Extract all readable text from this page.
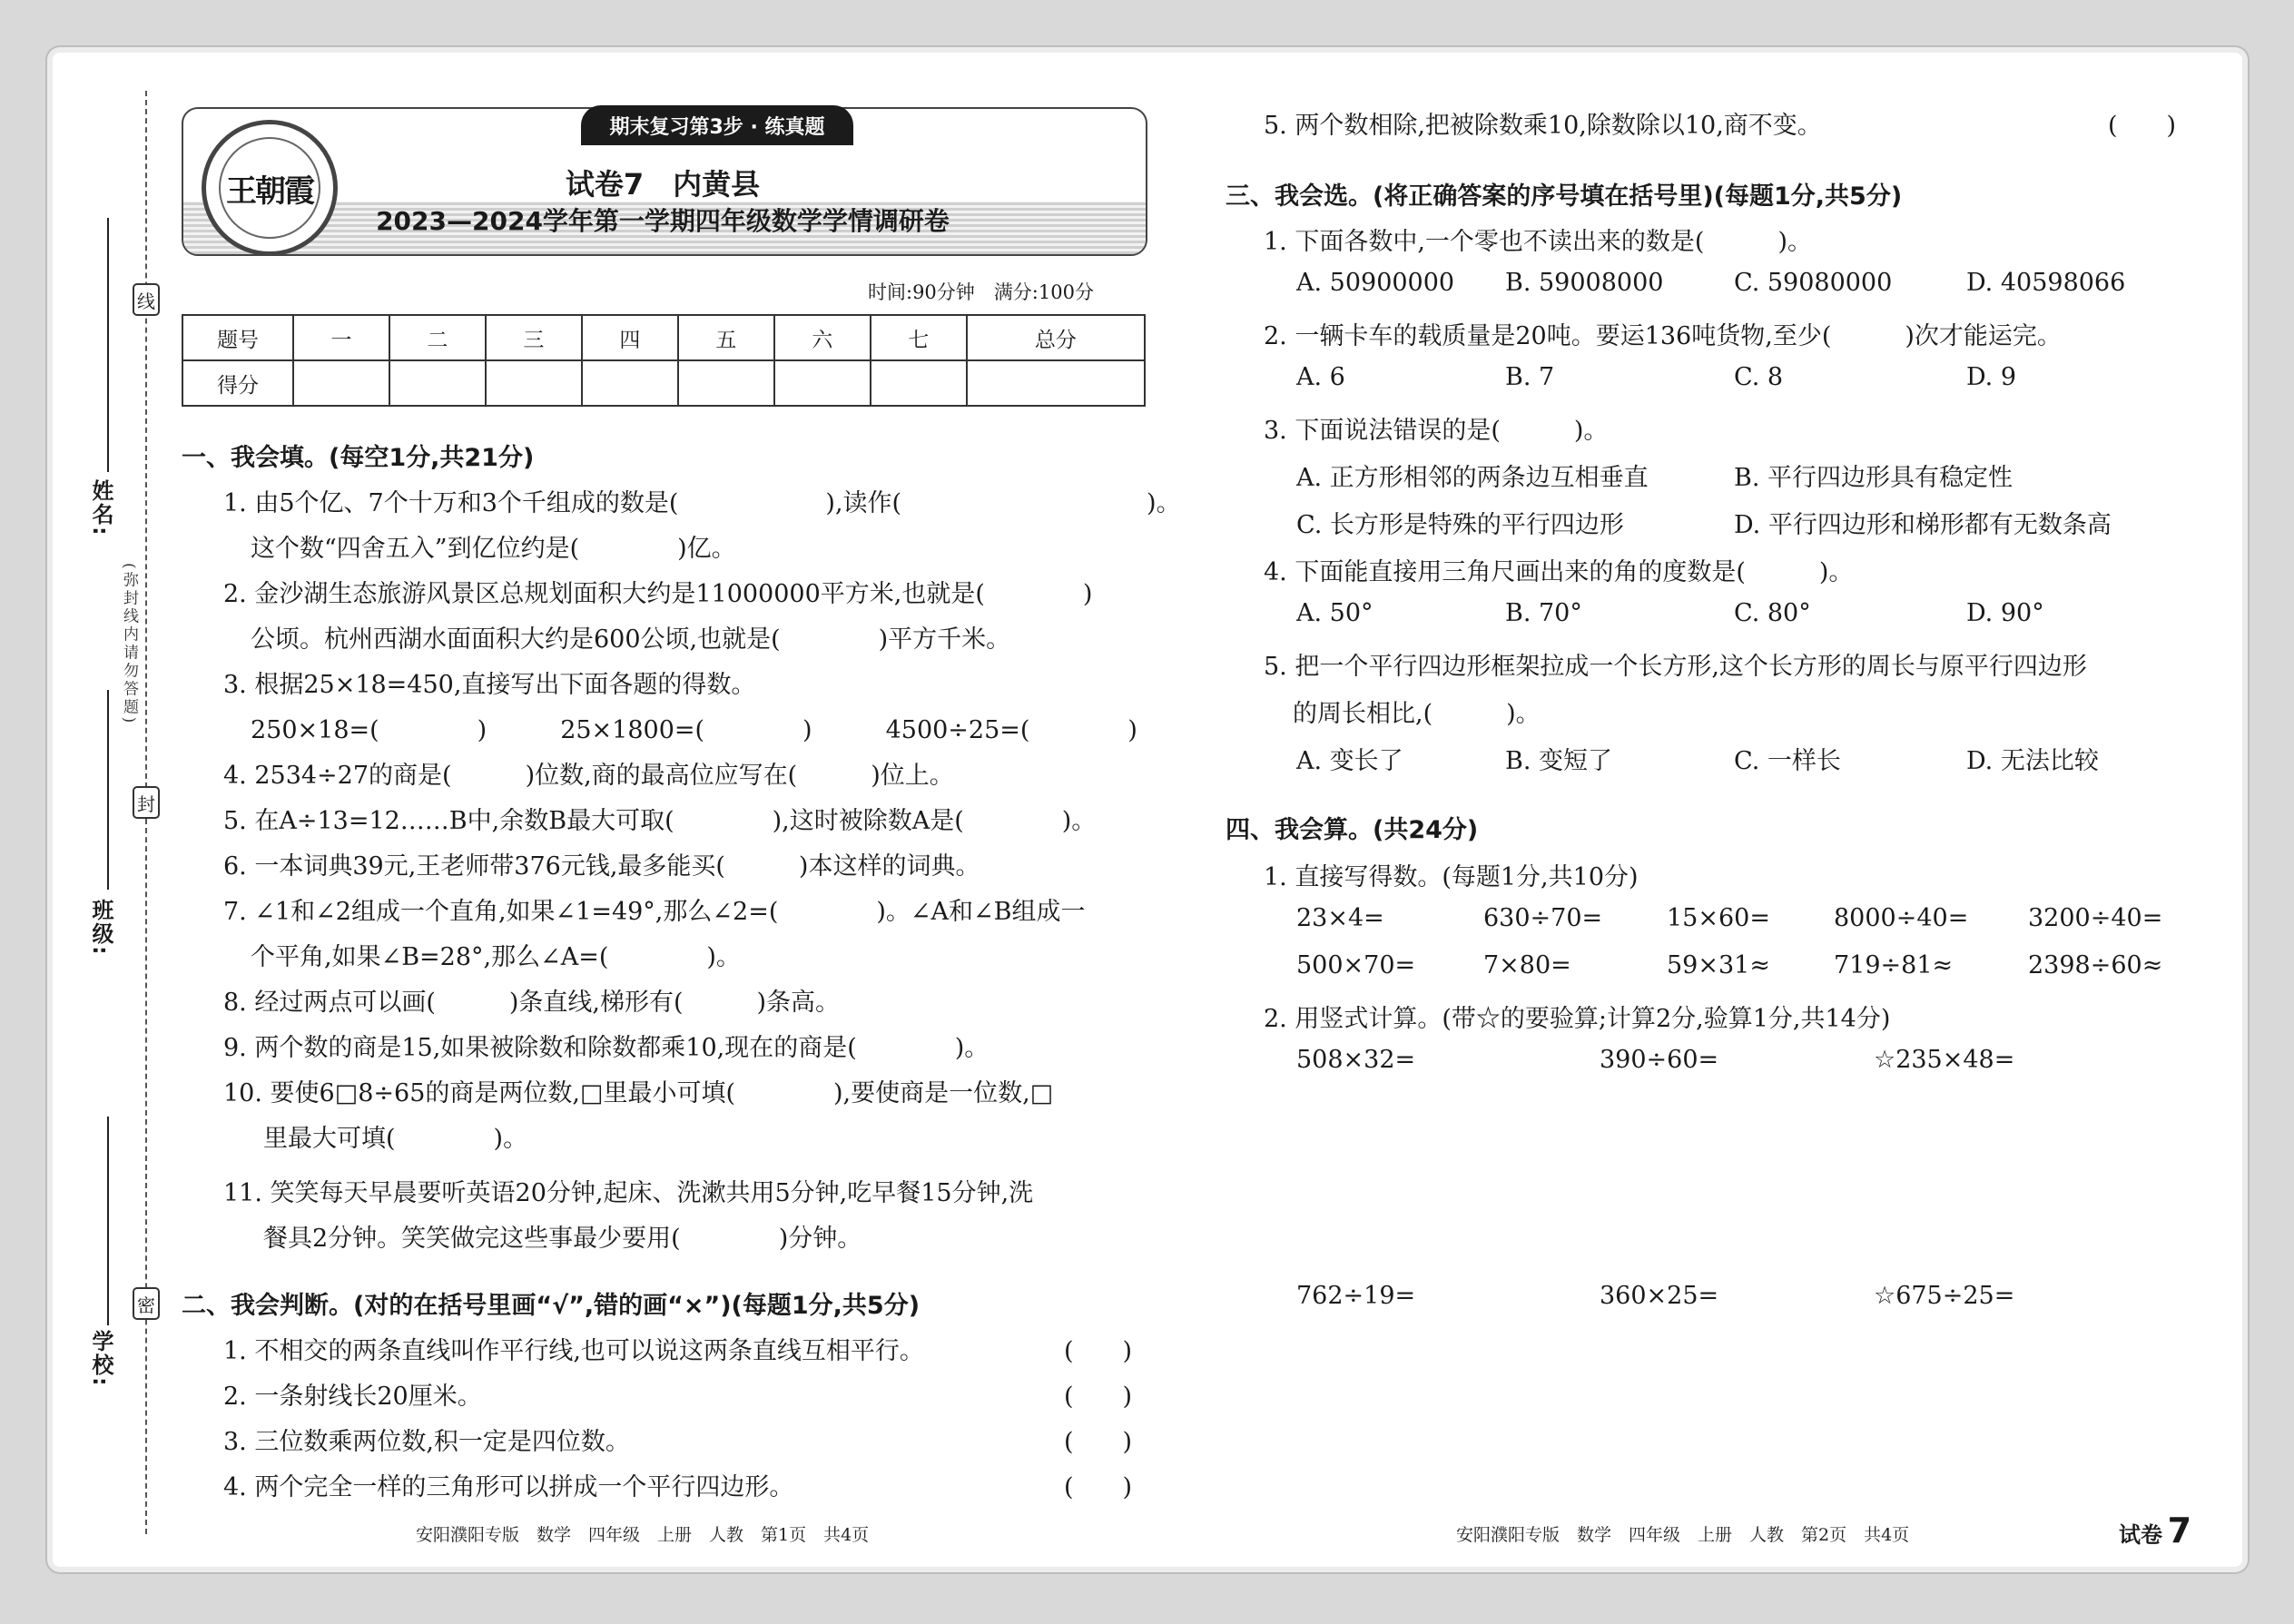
线
封
密
姓名:
班级:
学校:
(弥封线内请勿答题)
期末复习第3步 · 练真题
王朝霞	试卷7　内黄县
2023—2024学年第一学期四年级数学学情调研卷
时间:90分钟　满分:100分
题号	一	二	三	四	五	六	七	总分
得分								
一、我会填。(每空1分,共21分)
1. 由5个亿、7个十万和3个千组成的数是(　　　　　　),读作(　　　　　　　　　　)。
这个数“四舍五入”到亿位约是(　　　　)亿。
2. 金沙湖生态旅游风景区总规划面积大约是11000000平方米,也就是(　　　　)
公顷。杭州西湖水面面积大约是600公顷,也就是(　　　　)平方千米。
3. 根据25×18=450,直接写出下面各题的得数。
250×18=(　　　　)　　　25×1800=(　　　　)　　　4500÷25=(　　　　)
4. 2534÷27的商是(　　　)位数,商的最高位应写在(　　　)位上。
5. 在A÷13=12……B中,余数B最大可取(　　　　),这时被除数A是(　　　　)。
6. 一本词典39元,王老师带376元钱,最多能买(　　　)本这样的词典。
7. ∠1和∠2组成一个直角,如果∠1=49°,那么∠2=(　　　　)。∠A和∠B组成一
个平角,如果∠B=28°,那么∠A=(　　　　)。
8. 经过两点可以画(　　　)条直线,梯形有(　　　)条高。
9. 两个数的商是15,如果被除数和除数都乘10,现在的商是(　　　　)。
10. 要使6□8÷65的商是两位数,□里最小可填(　　　　),要使商是一位数,□
里最大可填(　　　　)。
11. 笑笑每天早晨要听英语20分钟,起床、洗漱共用5分钟,吃早餐15分钟,洗
餐具2分钟。笑笑做完这些事最少要用(　　　　)分钟。
二、我会判断。(对的在括号里画“√”,错的画“×”)(每题1分,共5分)
1. 不相交的两条直线叫作平行线,也可以说这两条直线互相平行。	(　　)
2. 一条射线长20厘米。	(　　)
3. 三位数乘两位数,积一定是四位数。	(　　)
4. 两个完全一样的三角形可以拼成一个平行四边形。	(　　)
安阳濮阳专版　数学　四年级　上册　人教　第1页　共4页
5. 两个数相除,把被除数乘10,除数除以10,商不变。	(　　)
三、我会选。(将正确答案的序号填在括号里)(每题1分,共5分)
1. 下面各数中,一个零也不读出来的数是(　　　)。
A. 50900000 B. 59008000	C. 59080000	D. 40598066
2. 一辆卡车的载质量是20吨。要运136吨货物,至少(　　　)次才能运完。
A. 6	B. 7	C. 8	D. 9
3. 下面说法错误的是(　　　)。
A. 正方形相邻的两条边互相垂直	B. 平行四边形具有稳定性
C. 长方形是特殊的平行四边形	D. 平行四边形和梯形都有无数条高
4. 下面能直接用三角尺画出来的角的度数是(　　　)。
A. 50°	B. 70°	C. 80°	D. 90°
5. 把一个平行四边形框架拉成一个长方形,这个长方形的周长与原平行四边形
的周长相比,(　　　)。
A. 变长了	B. 变短了	C. 一样长	D. 无法比较
四、我会算。(共24分)
1. 直接写得数。(每题1分,共10分)
23×4=	630÷70=	15×60=	8000÷40= 3200÷40=
500×70=	7×80=	59×31≈	719÷81≈	2398÷60≈
2. 用竖式计算。(带☆的要验算;计算2分,验算1分,共14分)
508×32=	390÷60=	☆235×48=
762÷19=	360×25=	☆675÷25=
安阳濮阳专版　数学　四年级　上册　人教　第2页　共4页	试卷 7
